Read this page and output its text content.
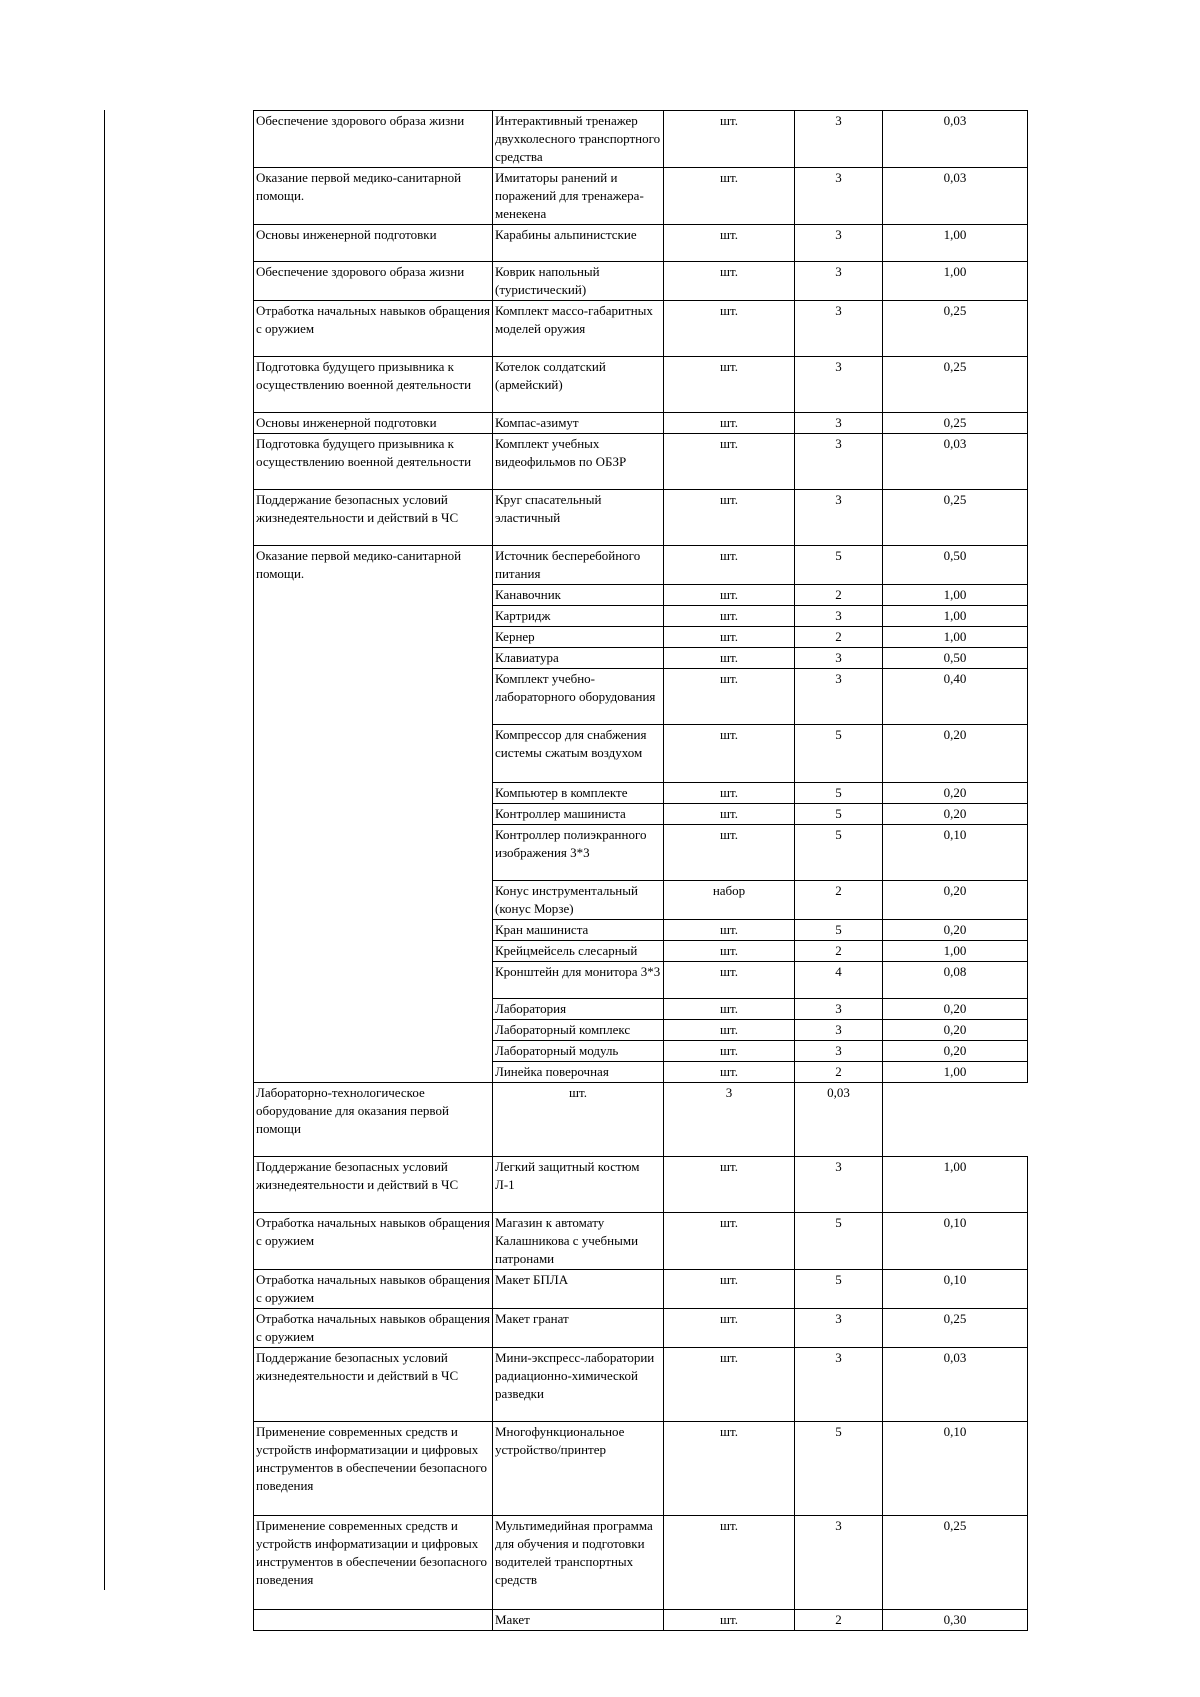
Обеспечение здорового образа жизни	Интерактивный тренажер двухколесного транспортного средства	шт.	3	0,03
Оказание первой медико-санитарной помощи.	Имитаторы ранений и поражений для тренажера-менекена	шт.	3	0,03
Основы инженерной подготовки	Карабины альпинистские	шт.	3	1,00
Обеспечение здорового образа жизни	Коврик напольный (туристический)	шт.	3	1,00
Отработка начальных навыков обращения с оружием	Комплект массо-габаритных моделей оружия	шт.	3	0,25
Подготовка будущего призывника к осуществлению военной деятельности	Котелок солдатский (армейский)	шт.	3	0,25
Основы инженерной подготовки	Компас-азимут	шт.	3	0,25
Подготовка будущего призывника к осуществлению военной деятельности	Комплект учебных видеофильмов по ОБЗР	шт.	3	0,03
Поддержание безопасных условий жизнедеятельности и действий в ЧС	Круг спасательный эластичный	шт.	3	0,25
Оказание первой медико-санитарной помощи.	Источник бесперебойного питания	шт.	5	0,50
	Канавочник	шт.	2	1,00
	Картридж	шт.	3	1,00
	Кернер	шт.	2	1,00
	Клавиатура	шт.	3	0,50
	Комплект учебно-лабораторного оборудования	шт.	3	0,40
	Компрессор для снабжения системы сжатым воздухом	шт.	5	0,20
	Компьютер в комплекте	шт.	5	0,20
	Контроллер машиниста	шт.	5	0,20
	Контроллер полиэкранного изображения 3*3	шт.	5	0,10
	Конус инструментальный (конус Морзе)	набор	2	0,20
	Кран машиниста	шт.	5	0,20
	Крейцмейсель слесарный	шт.	2	1,00
	Кронштейн для монитора 3*3	шт.	4	0,08
	Лаборатория	шт.	3	0,20
	Лабораторный комплекс	шт.	3	0,20
	Лабораторный модуль	шт.	3	0,20
	Линейка поверочная	шт.	2	1,00
Лабораторно-технологическое оборудование для оказания первой помощи	шт.	3	0,03	
Поддержание безопасных условий жизнедеятельности и действий в ЧС	Легкий защитный костюм Л-1	шт.	3	1,00
Отработка начальных навыков обращения с оружием	Магазин к автомату Калашникова с учебными патронами	шт.	5	0,10
Отработка начальных навыков обращения с оружием	Макет БПЛА	шт.	5	0,10
Отработка начальных навыков обращения с оружием	Макет гранат	шт.	3	0,25
Поддержание безопасных условий жизнедеятельности и действий в ЧС	Мини-экспресс-лаборатории радиационно-химической разведки	шт.	3	0,03
Применение современных средств и устройств информатизации и цифровых инструментов в обеспечении безопасного поведения	Многофункциональное устройство/принтер	шт.	5	0,10
Применение современных средств и устройств информатизации и цифровых инструментов в обеспечении безопасного поведения	Мультимедийная программа для обучения и подготовки водителей транспортных средств	шт.	3	0,25
	Макет	шт.	2	0,30
